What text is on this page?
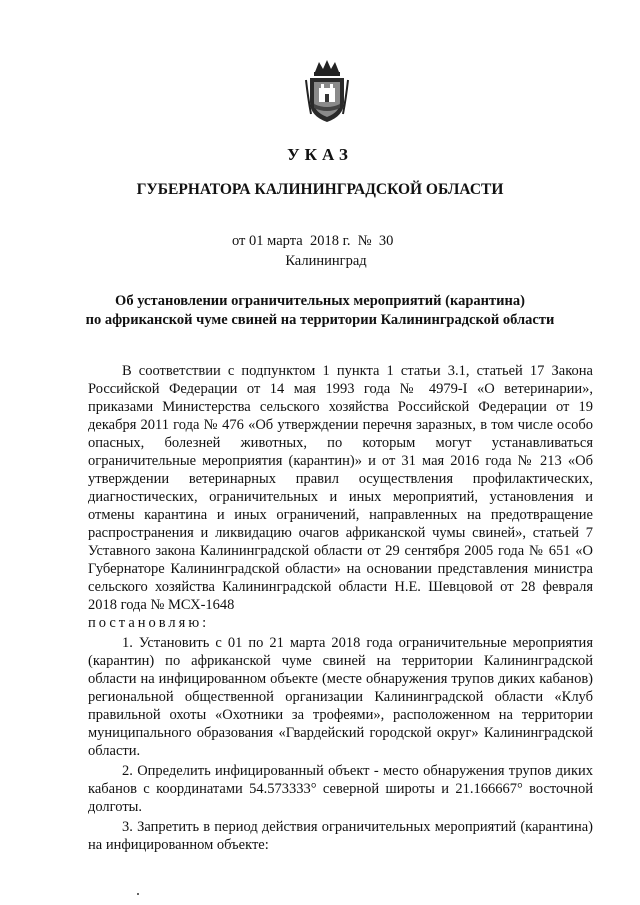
УКАЗ
ГУБЕРНАТОРА КАЛИНИНГРАДСКОЙ ОБЛАСТИ
от 01 марта 2018 г. № 30
Калининград
Об установлении ограничительных мероприятий (карантина)
по африканской чуме свиней на территории Калининградской области

В соответствии с подпунктом 1 пункта 1 статьи 3.1, статьей 17 Закона Российской Федерации от 14 мая 1993 года № 4979-I «О ветеринарии», приказами Министерства сельского хозяйства Российской Федерации от 19 декабря 2011 года № 476 «Об утверждении перечня заразных, в том числе особо опасных, болезней животных, по которым могут устанавливаться ограничительные мероприятия (карантин)» и от 31 мая 2016 года № 213 «Об утверждении ветеринарных правил осуществления профилактических, диагностических, ограничительных и иных мероприятий, установления и отмены карантина и иных ограничений, направленных на предотвращение распространения и ликвидацию очагов африканской чумы свиней», статьей 7 Уставного закона Калининградской области от 29 сентября 2005 года № 651 «О Губернаторе Калининградской области» на основании представления министра сельского хозяйства Калининградской области Н.Е. Шевцовой от 28 февраля 2018 года № МСХ-1648
постановляю:

1. Установить с 01 по 21 марта 2018 года ограничительные мероприятия (карантин) по африканской чуме свиней на территории Калининградской области на инфицированном объекте (месте обнаружения трупов диких кабанов) региональной общественной организации Калининградской области «Клуб правильной охоты «Охотники за трофеями», расположенном на территории муниципального образования «Гвардейский городской округ» Калининградской области.

2. Определить инфицированный объект - место обнаружения трупов диких кабанов с координатами 54.573333° северной широты и 21.166667° восточной долготы.

3. Запретить в период действия ограничительных мероприятий (карантина) на инфицированном объекте:
